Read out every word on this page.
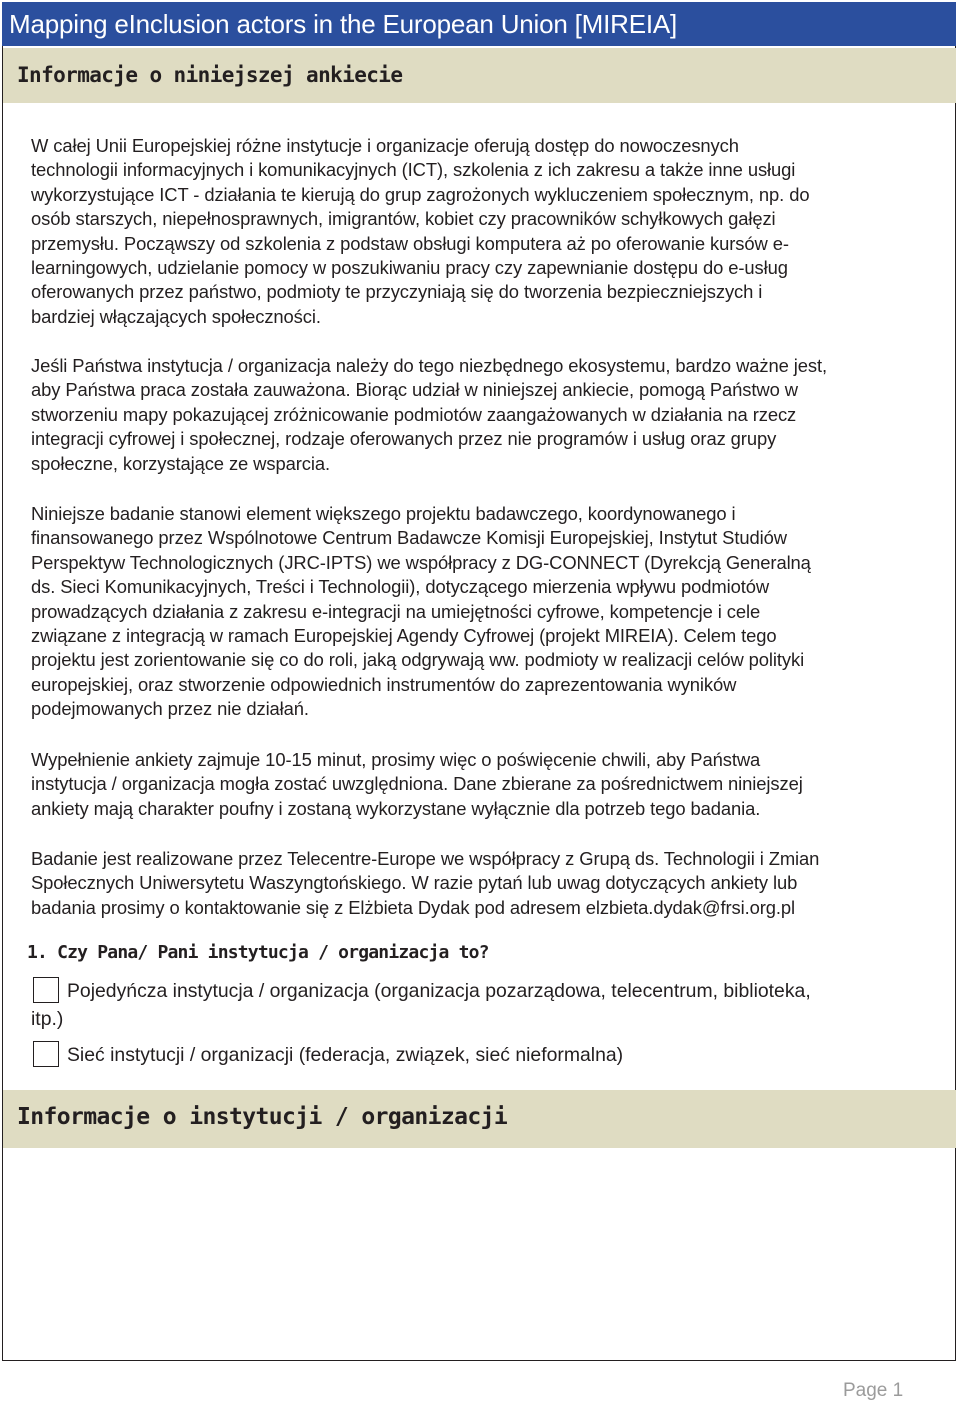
Mapping eInclusion actors in the European Union [MIREIA]
Informacje o niniejszej ankiecie

W całej Unii Europejskiej różne instytucje i organizacje oferują dostęp do nowoczesnych
technologii informacyjnych i komunikacyjnych (ICT), szkolenia z ich zakresu a także inne usługi
wykorzystujące ICT - działania te kierują do grup zagrożonych wykluczeniem społecznym, np. do
osób starszych, niepełnosprawnych, imigrantów, kobiet czy pracowników schyłkowych gałęzi
przemysłu. Począwszy od szkolenia z podstaw obsługi komputera aż po oferowanie kursów e-
learningowych, udzielanie pomocy w poszukiwaniu pracy czy zapewnianie dostępu do e-usług
oferowanych przez państwo, podmioty te przyczyniają się do tworzenia bezpieczniejszych i
bardziej włączających społeczności.

Jeśli Państwa instytucja / organizacja należy do tego niezbędnego ekosystemu, bardzo ważne jest,
aby Państwa praca została zauważona. Biorąc udział w niniejszej ankiecie, pomogą Państwo w
stworzeniu mapy pokazującej zróżnicowanie podmiotów zaangażowanych w działania na rzecz
integracji cyfrowej i społecznej, rodzaje oferowanych przez nie programów i usług oraz grupy
społeczne, korzystające ze wsparcia.

Niniejsze badanie stanowi element większego projektu badawczego, koordynowanego i
finansowanego przez Wspólnotowe Centrum Badawcze Komisji Europejskiej, Instytut Studiów
Perspektyw Technologicznych (JRC-IPTS) we współpracy z DG-CONNECT (Dyrekcją Generalną
ds. Sieci Komunikacyjnych, Treści i Technologii), dotyczącego mierzenia wpływu podmiotów
prowadzących działania z zakresu e-integracji na umiejętności cyfrowe, kompetencje i cele
związane z integracją w ramach Europejskiej Agendy Cyfrowej (projekt MIREIA). Celem tego
projektu jest zorientowanie się co do roli, jaką odgrywają ww. podmioty w realizacji celów polityki
europejskiej, oraz stworzenie odpowiednich instrumentów do zaprezentowania wyników
podejmowanych przez nie działań.

Wypełnienie ankiety zajmuje 10-15 minut, prosimy więc o poświęcenie chwili, aby Państwa
instytucja / organizacja mogła zostać uwzględniona. Dane zbierane za pośrednictwem niniejszej
ankiety mają charakter poufny i zostaną wykorzystane wyłącznie dla potrzeb tego badania.

Badanie jest realizowane przez Telecentre-Europe we współpracy z Grupą ds. Technologii i Zmian
Społecznych Uniwersytetu Waszyngtońskiego. W razie pytań lub uwag dotyczących ankiety lub
badania prosimy o kontaktowanie się z Elżbieta Dydak pod adresem elzbieta.dydak@frsi.org.pl

1. Czy Pana/ Pani instytucja / organizacja to?
Pojedyńcza instytucja / organizacja (organizacja pozarządowa, telecentrum, biblioteka,
itp.)
Sieć instytucji / organizacji (federacja, związek, sieć nieformalna)
Informacje o instytucji / organizacji
Page 1
